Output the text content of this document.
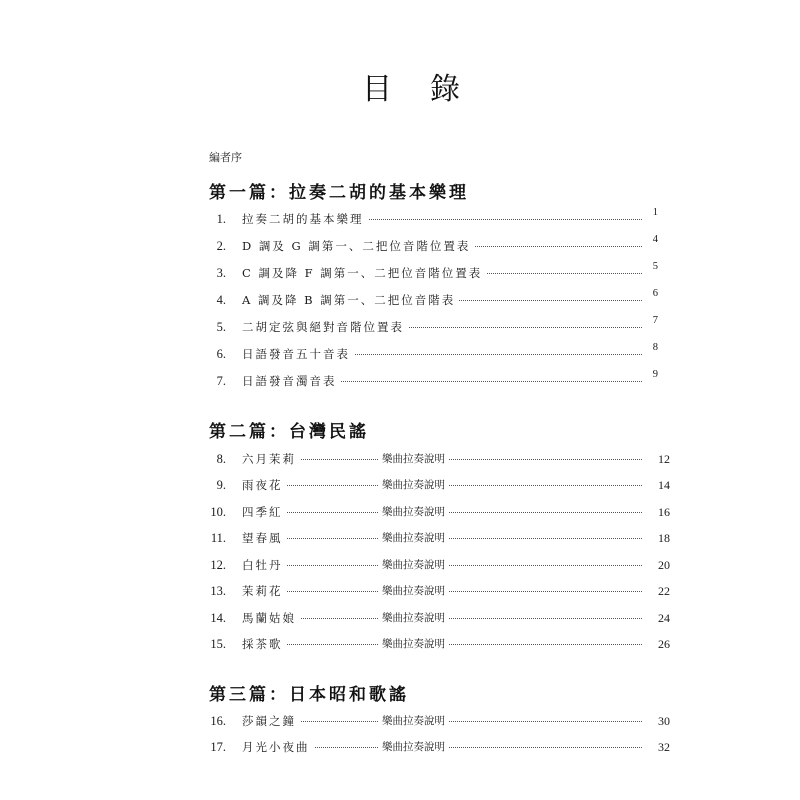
目錄
編者序
第一篇：拉奏二胡的基本樂理
1. 拉奏二胡的基本樂理	1
2. D 調及 G 調第一、二把位音階位置表	4
3. C 調及降 F 調第一、二把位音階位置表	5
4. A 調及降 B 調第一、二把位音階表	6
5. 二胡定弦與絕對音階位置表	7
6. 日語發音五十音表	8
7. 日語發音濁音表	9
第二篇：台灣民謠
8. 六月茉莉	樂曲拉奏說明	12
9. 雨夜花	樂曲拉奏說明	14
10. 四季紅	樂曲拉奏說明	16
11. 望春風	樂曲拉奏說明	18
12. 白牡丹	樂曲拉奏說明	20
13. 茉莉花	樂曲拉奏說明	22
14. 馬蘭姑娘	樂曲拉奏說明	24
15. 採茶歌	樂曲拉奏說明	26
第三篇：日本昭和歌謠
16. 莎韻之鐘	樂曲拉奏說明	30
17. 月光小夜曲	樂曲拉奏說明	32
